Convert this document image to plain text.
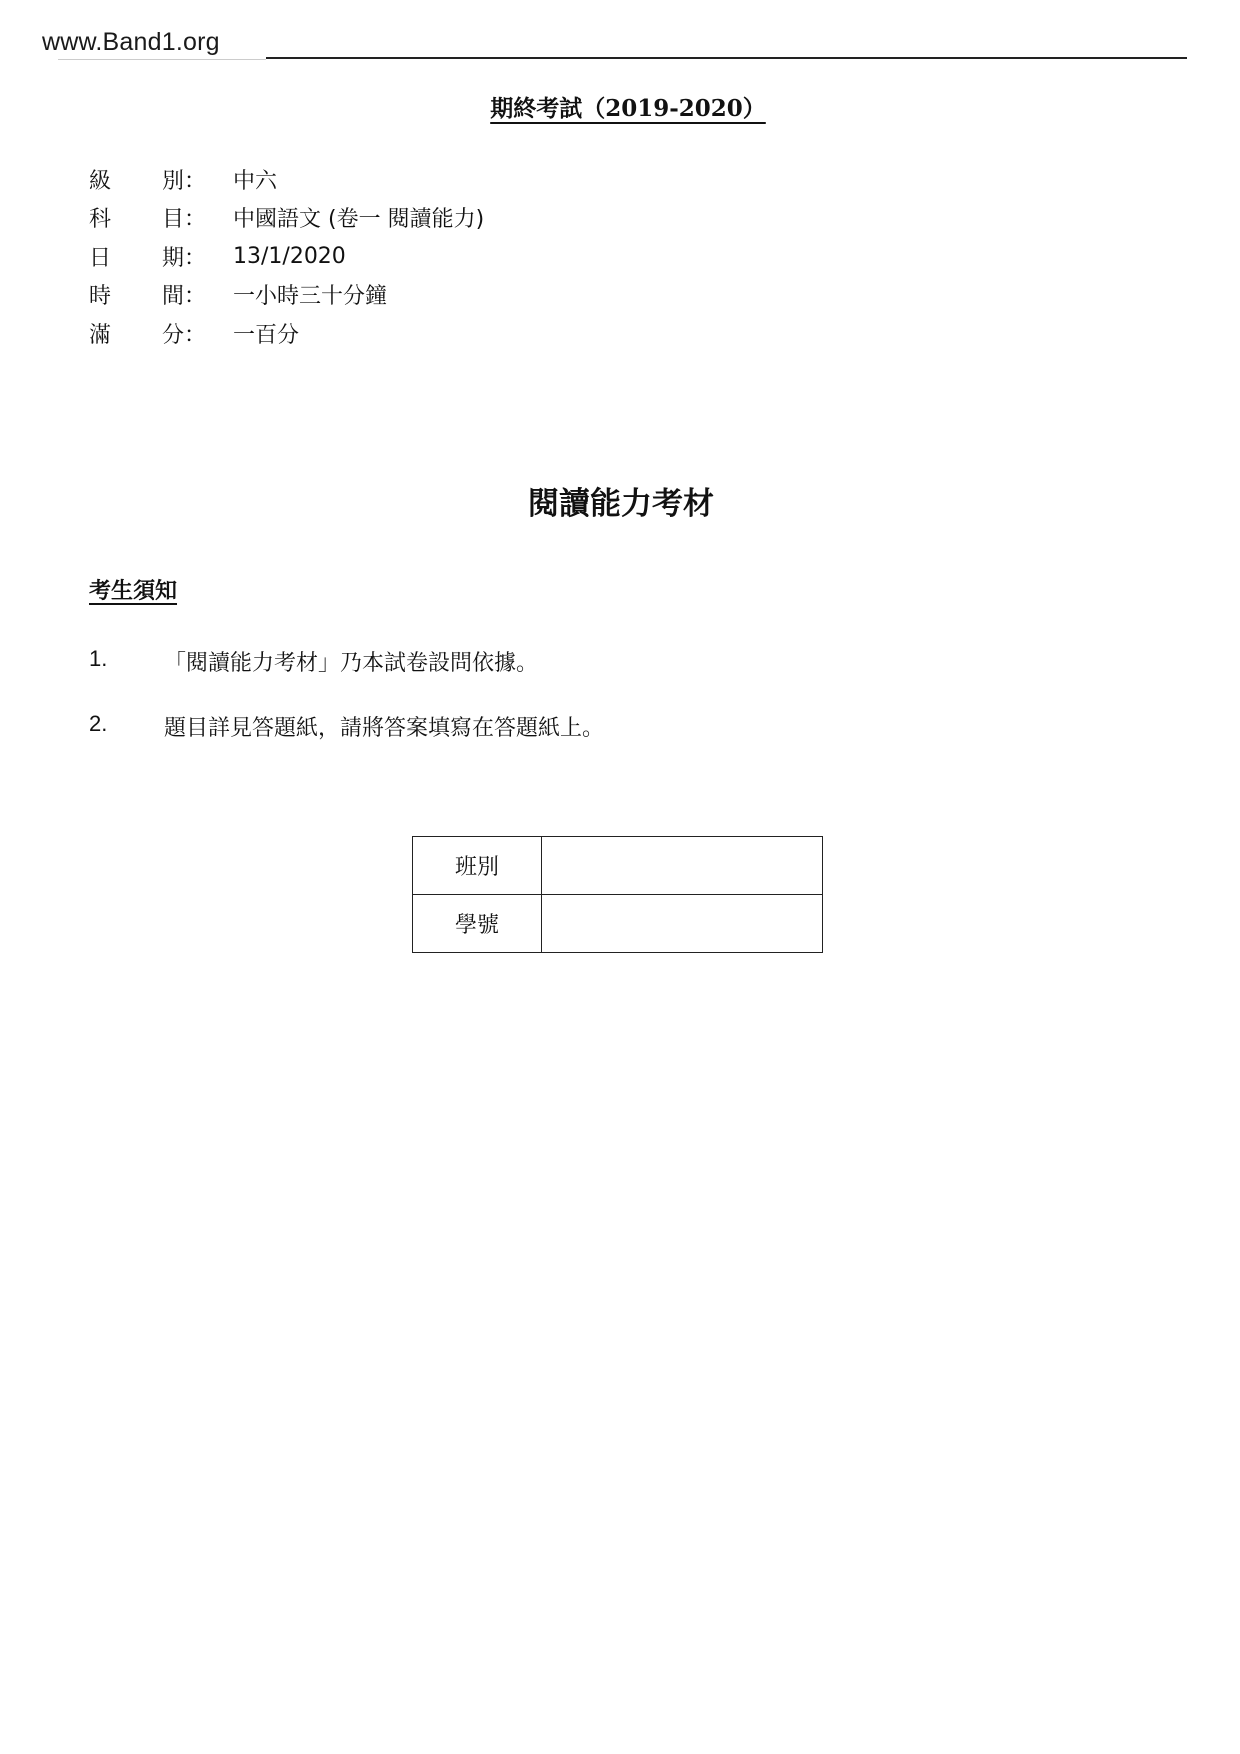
www.Band1.org
期終考試（2019-2020）
級	別：	中六
科	目：	中國語文 (卷一 閱讀能力)
日	期：	13/1/2020
時	間：	一小時三十分鐘
滿	分：	一百分
閱讀能力考材
考生須知
1.	「閱讀能力考材」乃本試卷設問依據。
2.	題目詳見答題紙，請將答案填寫在答題紙上。
班別	
學號	
